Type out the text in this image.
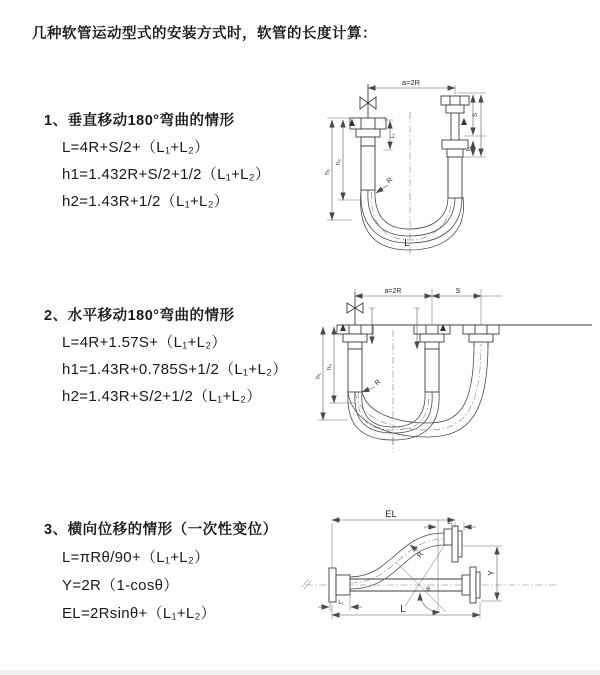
几种软管运动型式的安装方式时，软管的长度计算：
1、垂直移动180°弯曲的情形
L=4R+S/2+（L₁+L₂）
h1=1.432R+S/2+1/2（L₁+L₂）
h2=1.43R+1/2（L₁+L₂）
2、水平移动180°弯曲的情形
L=4R+1.57S+（L₁+L₂）
h1=1.43R+0.785S+1/2（L₁+L₂）
h2=1.43R+S/2+1/2（L₁+L₂）
3、横向位移的情形（一次性变位）
L=πRθ/90+（L₁+L₂）
Y=2R（1-cosθ）
EL=2Rsinθ+（L₁+L₂）
a=2R
h₁
h₂
S
L₁
L₁
R
L
a=2R	S
h₁
h₂
R
EL
L₁
Y
L
L₁
θ
R
